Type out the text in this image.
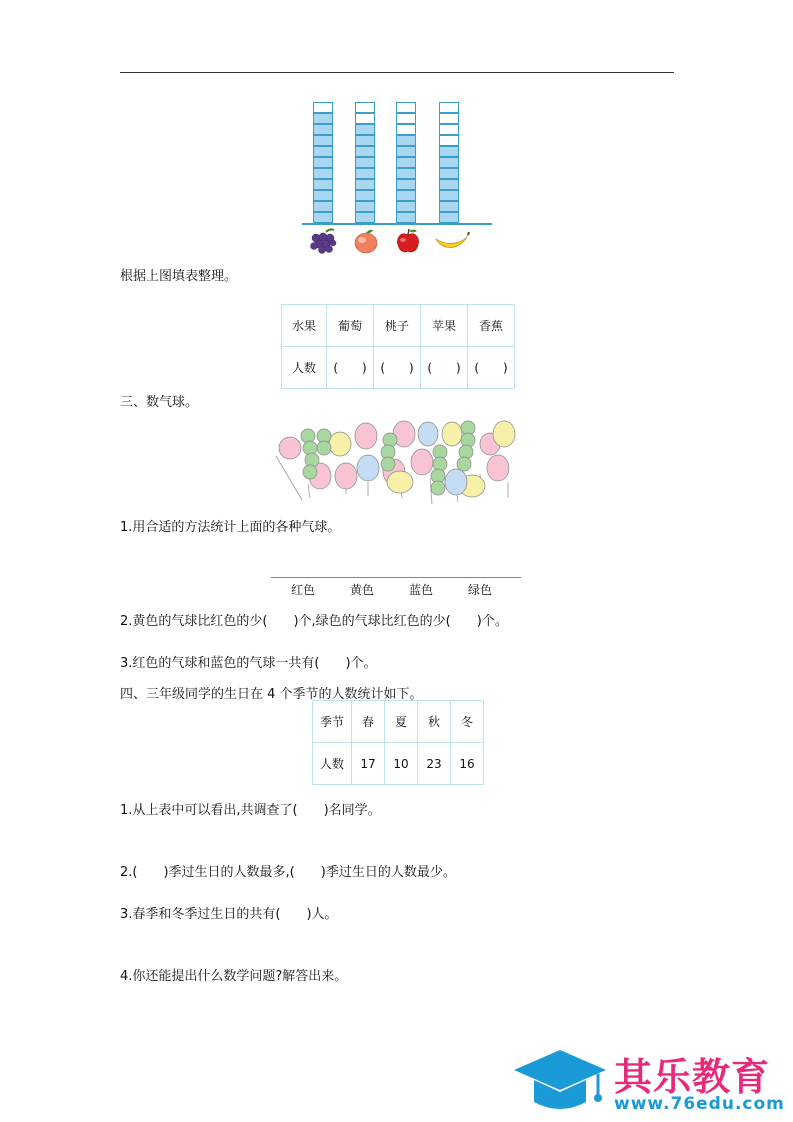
根据上图填表整理。
水果	葡萄	桃子	苹果	香蕉
人数	(　　)	(　　)	(　　)	(　　)
三、数气球。
1.用合适的方法统计上面的各种气球。
红色	黄色	蓝色	绿色
2.黄色的气球比红色的少(　　)个,绿色的气球比红色的少(　　)个。
3.红色的气球和蓝色的气球一共有(　　)个。
四、三年级同学的生日在 4 个季节的人数统计如下。
季节	春	夏	秋	冬
人数	17	10	23	16
1.从上表中可以看出,共调查了(　　)名同学。
2.(　　)季过生日的人数最多,(　　)季过生日的人数最少。
3.春季和冬季过生日的共有(　　)人。
4.你还能提出什么数学问题?解答出来。
其乐教育
www.76edu.com
